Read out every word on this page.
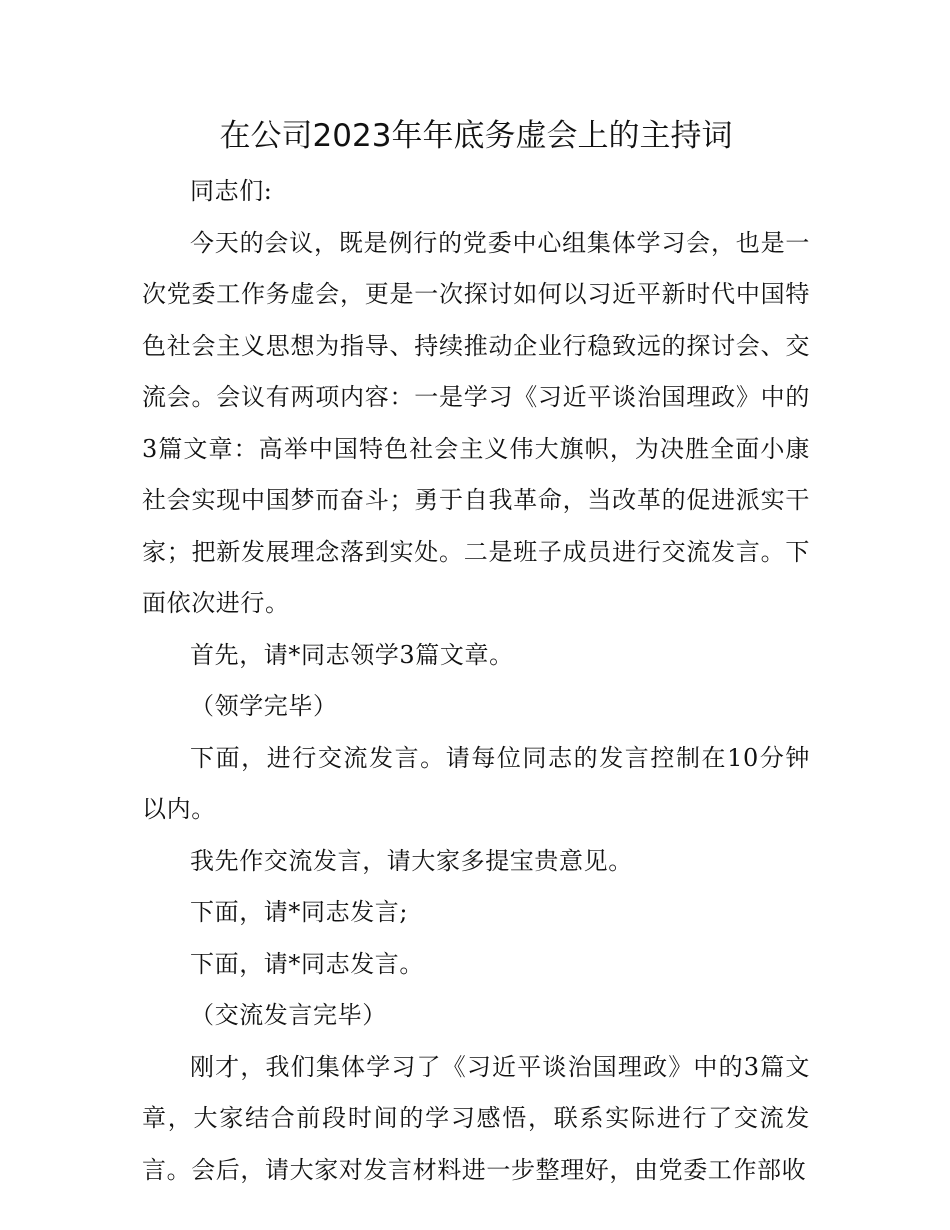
在公司2023年年底务虚会上的主持词

同志们:

今天的会议，既是例行的党委中心组集体学习会，也是一次党委工作务虚会，更是一次探讨如何以习近平新时代中国特色社会主义思想为指导、持续推动企业行稳致远的探讨会、交流会。会议有两项内容：一是学习《习近平谈治国理政》中的3篇文章：高举中国特色社会主义伟大旗帜，为决胜全面小康社会实现中国梦而奋斗；勇于自我革命，当改革的促进派实干家；把新发展理念落到实处。二是班子成员进行交流发言。下面依次进行。

首先，请*同志领学3篇文章。

（领学完毕）

下面，进行交流发言。请每位同志的发言控制在10分钟以内。

我先作交流发言，请大家多提宝贵意见。

下面，请*同志发言;

下面，请*同志发言。

（交流发言完毕）

刚才，我们集体学习了《习近平谈治国理政》中的3篇文章，大家结合前段时间的学习感悟，联系实际进行了交流发言。会后，请大家对发言材料进一步整理好，由党委工作部收
